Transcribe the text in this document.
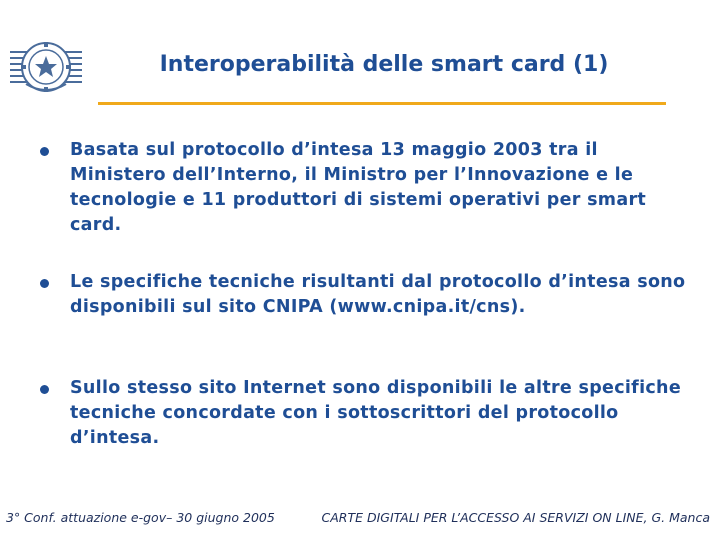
Interoperabilità delle smart card (1)
Basata sul protocollo d’intesa 13 maggio 2003 tra il Ministero dell’Interno, il Ministro per l’Innovazione e le tecnologie e 11 produttori di sistemi operativi per smart card.
Le specifiche tecniche risultanti dal protocollo d’intesa sono disponibili sul sito CNIPA (www.cnipa.it/cns).
Sullo stesso sito Internet sono disponibili le altre specifiche tecniche concordate con i sottoscrittori del protocollo d’intesa.
3° Conf. attuazione e-gov– 30 giugno 2005	CARTE DIGITALI PER L’ACCESSO AI SERVIZI ON LINE, G. Manca
